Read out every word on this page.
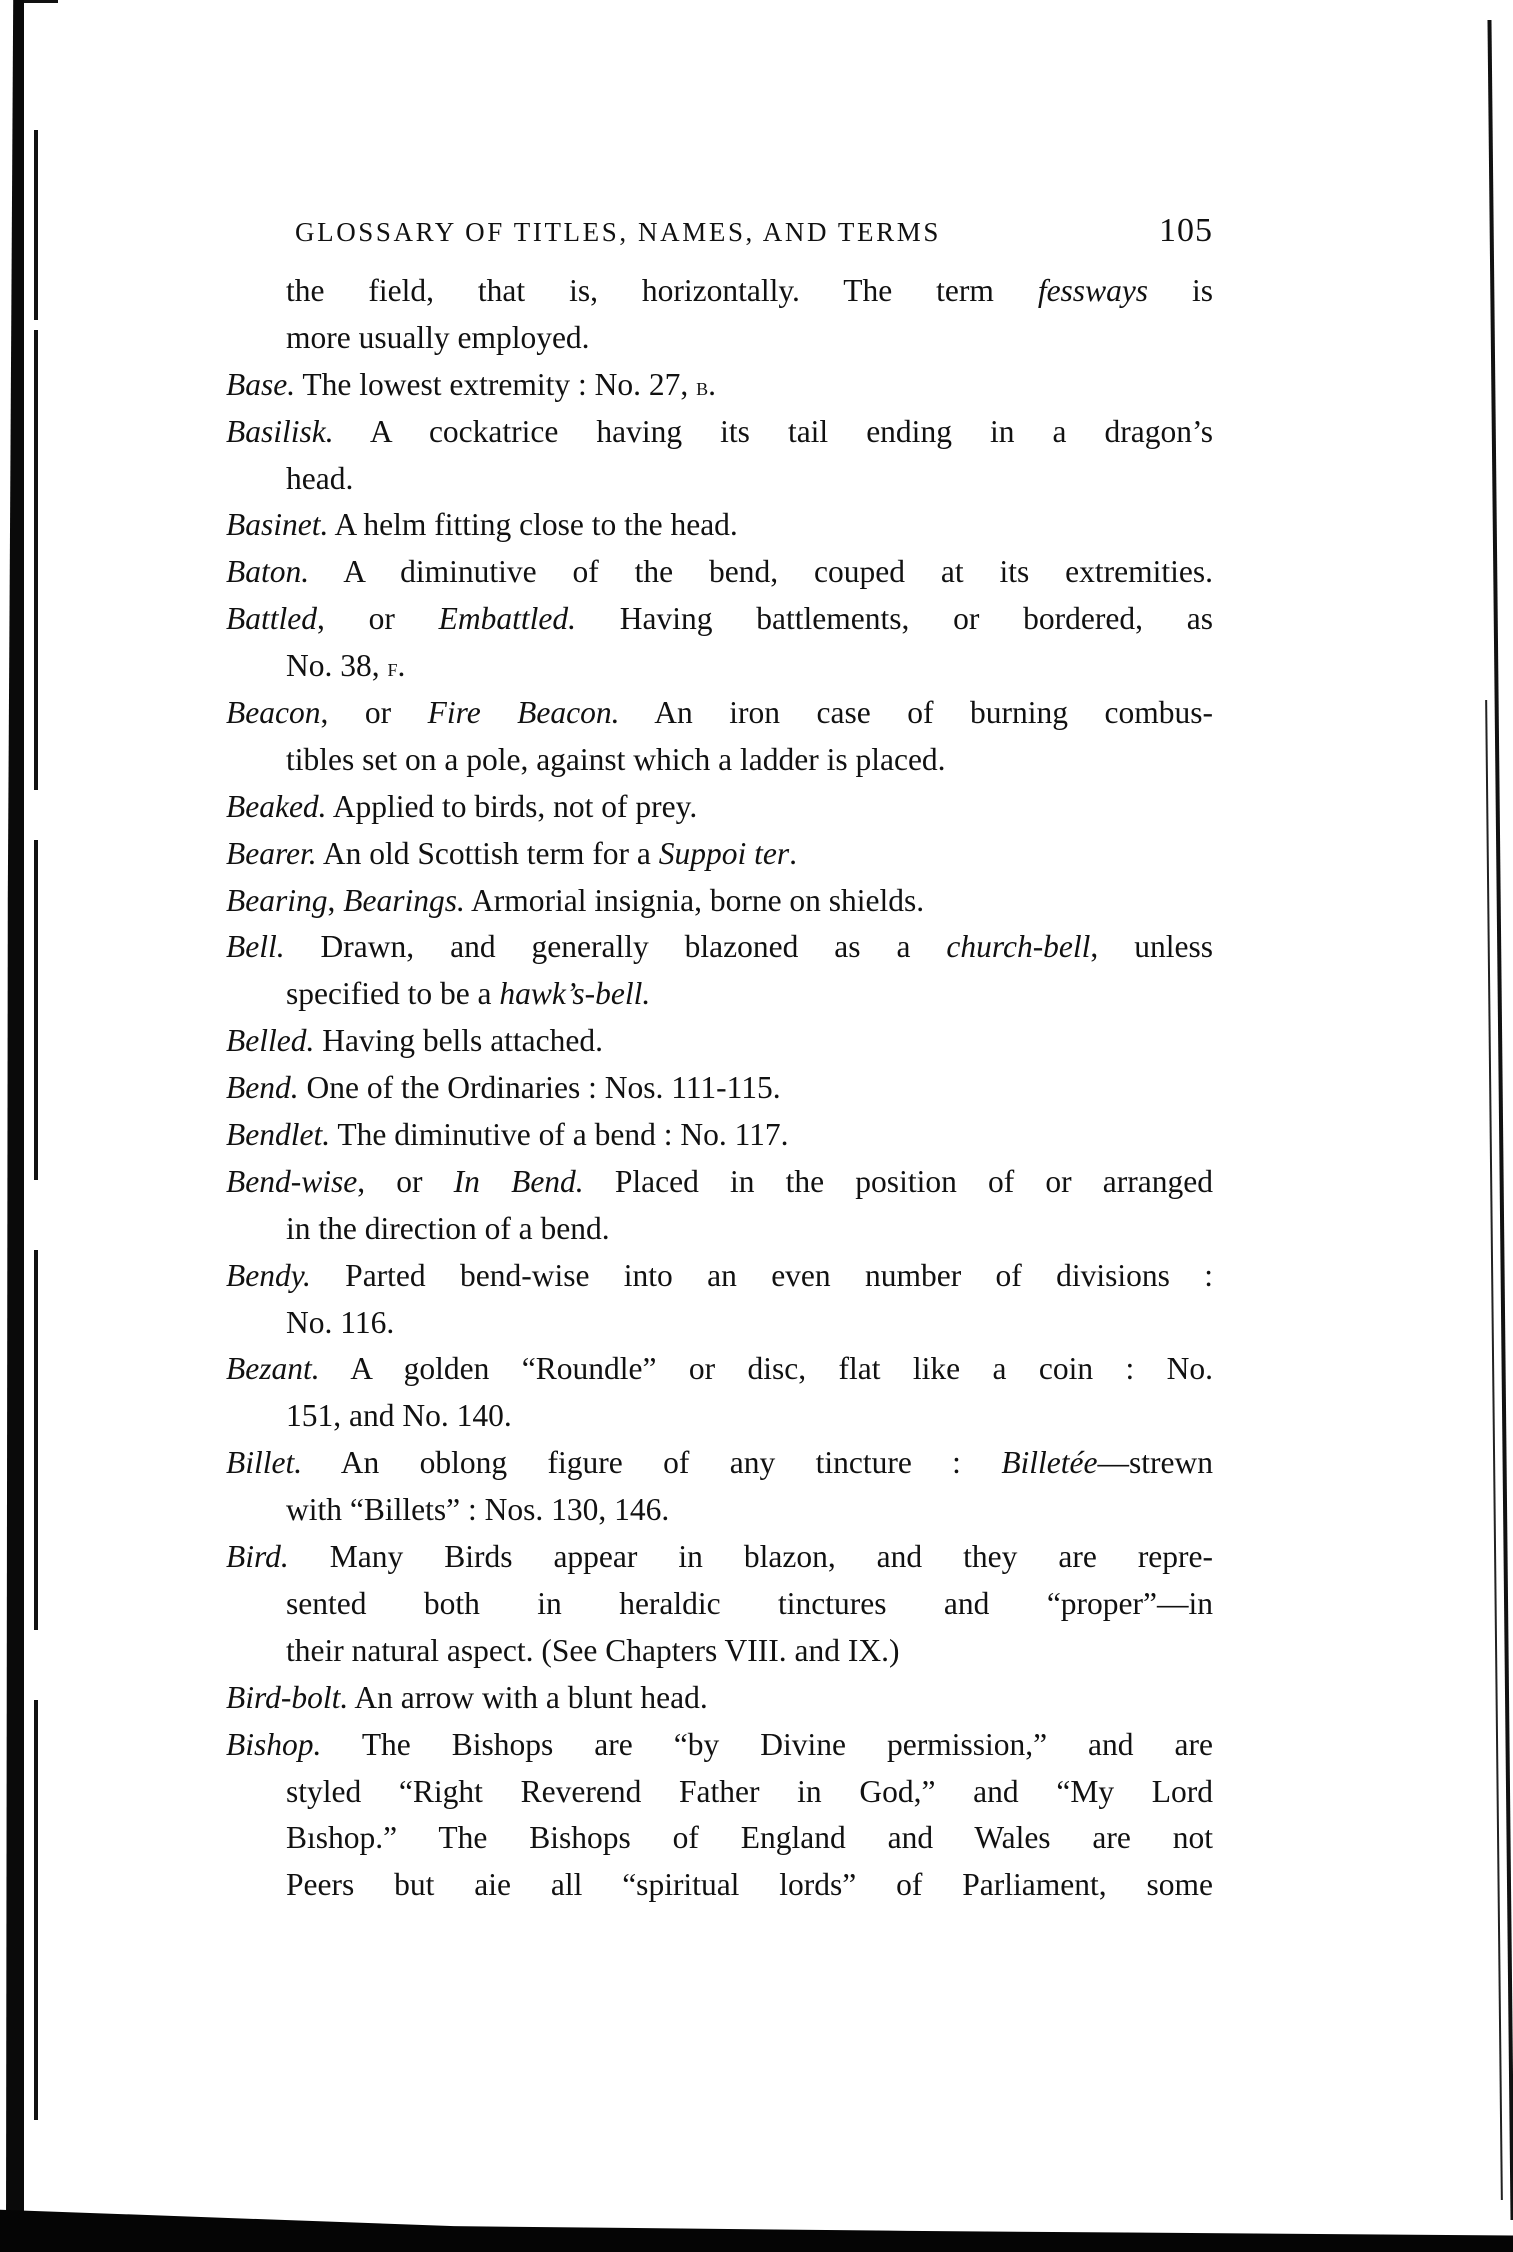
GLOSSARY OF TITLES, NAMES, AND TERMS	105
the field, that is, horizontally. The term fessways is
more usually employed.
Base. The lowest extremity : No. 27, b.
Basilisk. A cockatrice having its tail ending in a dragon’s
head.
Basinet. A helm fitting close to the head.
Baton. A diminutive of the bend, couped at its extremities.
Battled, or Embattled. Having battlements, or bordered, as
No. 38, f.
Beacon, or Fire Beacon. An iron case of burning combus-
tibles set on a pole, against which a ladder is placed.
Beaked. Applied to birds, not of prey.
Bearer. An old Scottish term for a Suppoi ter.
Bearing, Bearings. Armorial insignia, borne on shields.
Bell. Drawn, and generally blazoned as a church-bell, unless
specified to be a hawk’s-bell.
Belled. Having bells attached.
Bend. One of the Ordinaries : Nos. 111-115.
Bendlet. The diminutive of a bend : No. 117.
Bend-wise, or In Bend. Placed in the position of or arranged
in the direction of a bend.
Bendy. Parted bend-wise into an even number of divisions :
No. 116.
Bezant. A golden “Roundle” or disc, flat like a coin : No.
151, and No. 140.
Billet. An oblong figure of any tincture : Billetée—strewn
with “Billets” : Nos. 130, 146.
Bird. Many Birds appear in blazon, and they are repre-
sented both in heraldic tinctures and “proper”—in
their natural aspect. (See Chapters VIII. and IX.)
Bird-bolt. An arrow with a blunt head.
Bishop. The Bishops are “by Divine permission,” and are
styled “Right Reverend Father in God,” and “My Lord
Bıshop.” The Bishops of England and Wales are not
Peers but aie all “spiritual lords” of Parliament, some
